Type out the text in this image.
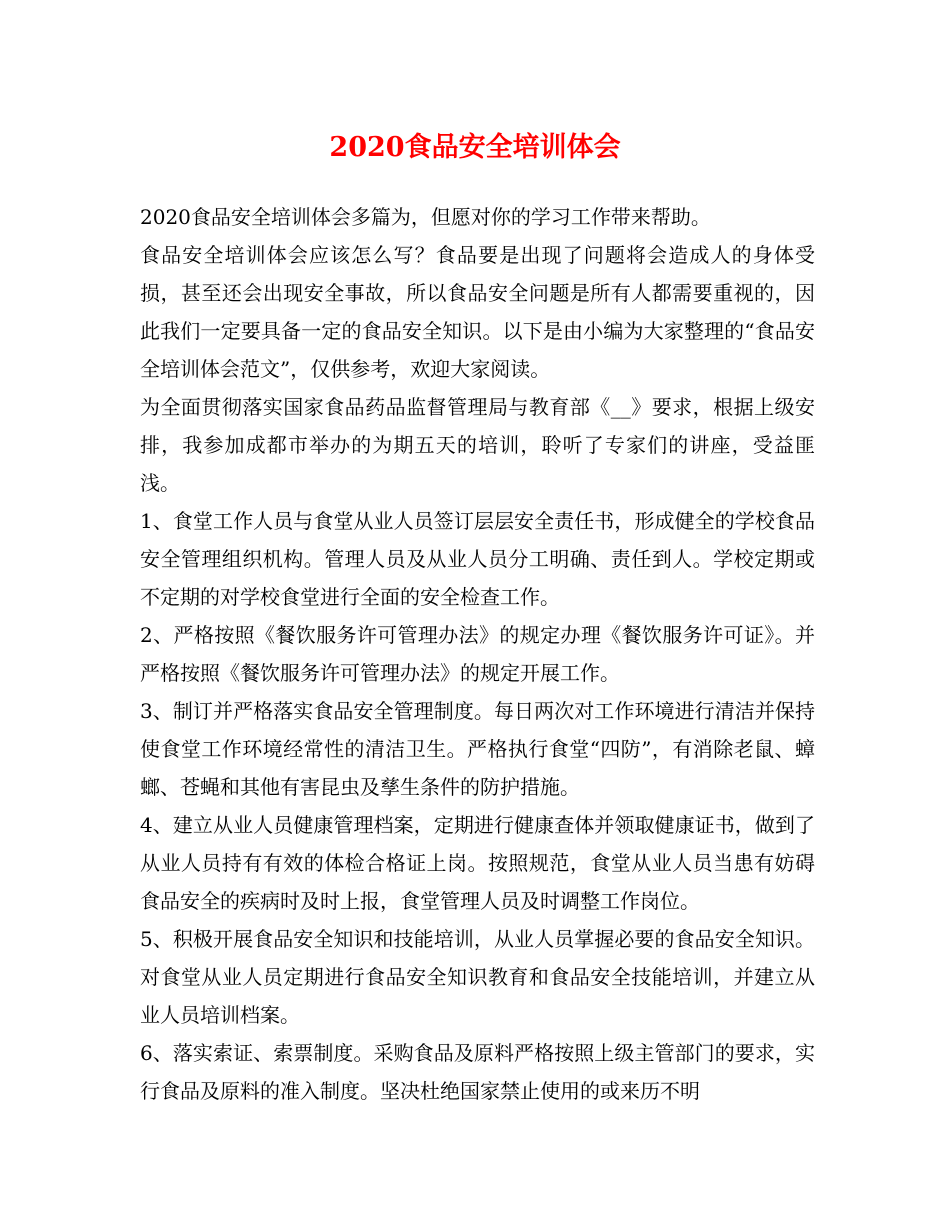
2020食品安全培训体会

2020食品安全培训体会多篇为，但愿对你的学习工作带来帮助。

食品安全培训体会应该怎么写？食品要是出现了问题将会造成人的身体受损，甚至还会出现安全事故，所以食品安全问题是所有人都需要重视的，因此我们一定要具备一定的食品安全知识。以下是由小编为大家整理的“食品安全培训体会范文”，仅供参考，欢迎大家阅读。

为全面贯彻落实国家食品药品监督管理局与教育部《__》要求，根据上级安排，我参加成都市举办的为期五天的培训，聆听了专家们的讲座，受益匪浅。

1、食堂工作人员与食堂从业人员签订层层安全责任书，形成健全的学校食品安全管理组织机构。管理人员及从业人员分工明确、责任到人。学校定期或不定期的对学校食堂进行全面的安全检查工作。

2、严格按照《餐饮服务许可管理办法》的规定办理《餐饮服务许可证》。并严格按照《餐饮服务许可管理办法》的规定开展工作。

3、制订并严格落实食品安全管理制度。每日两次对工作环境进行清洁并保持使食堂工作环境经常性的清洁卫生。严格执行食堂“四防”，有消除老鼠、蟑螂、苍蝇和其他有害昆虫及孳生条件的防护措施。

4、建立从业人员健康管理档案，定期进行健康查体并领取健康证书，做到了从业人员持有有效的体检合格证上岗。按照规范，食堂从业人员当患有妨碍食品安全的疾病时及时上报，食堂管理人员及时调整工作岗位。

5、积极开展食品安全知识和技能培训，从业人员掌握必要的食品安全知识。对食堂从业人员定期进行食品安全知识教育和食品安全技能培训，并建立从业人员培训档案。

6、落实索证、索票制度。采购食品及原料严格按照上级主管部门的要求，实行食品及原料的准入制度。坚决杜绝国家禁止使用的或来历不明
